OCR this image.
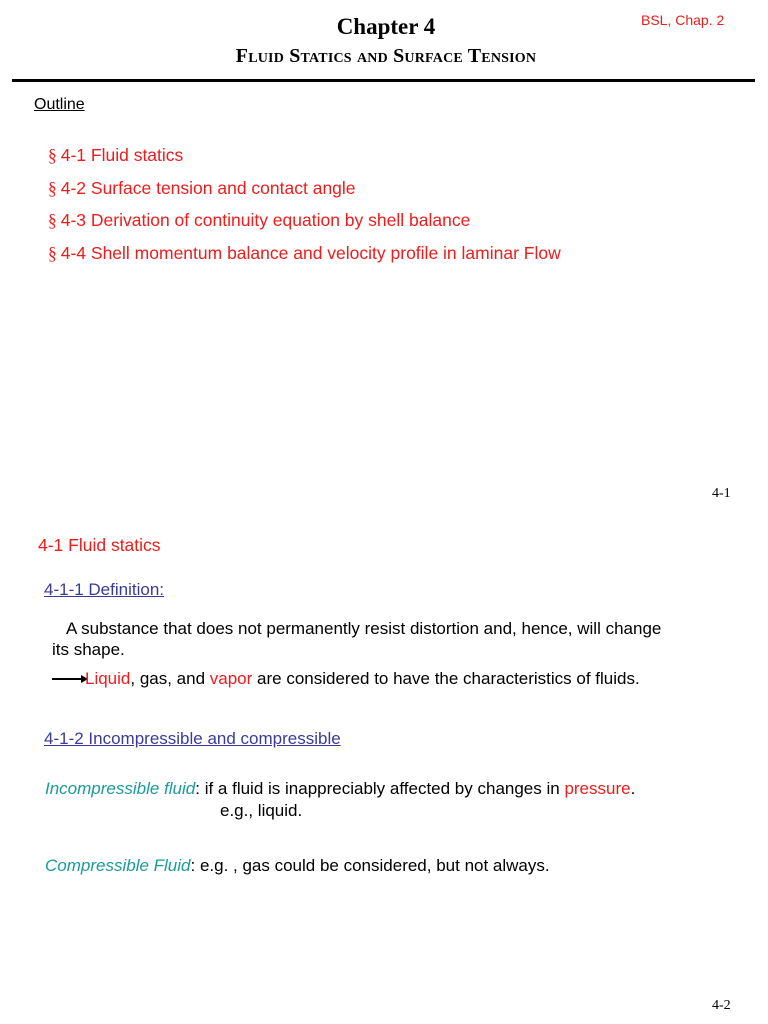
BSL, Chap. 2
Chapter 4
Fluid Statics and Surface Tension
Outline
§ 4-1 Fluid statics
§ 4-2 Surface tension and contact angle
§ 4-3 Derivation of continuity equation by shell balance
§ 4-4 Shell momentum balance and velocity profile in laminar Flow
4-1
4-1 Fluid statics
4-1-1 Definition:
A substance that does not permanently resist distortion and, hence, will change
its shape.
Liquid, gas, and vapor are considered to have the characteristics of fluids.
4-1-2 Incompressible and compressible
Incompressible fluid: if a fluid is inappreciably affected by changes in pressure.
e.g., liquid.
Compressible Fluid: e.g. , gas could be considered, but not always.
4-2
